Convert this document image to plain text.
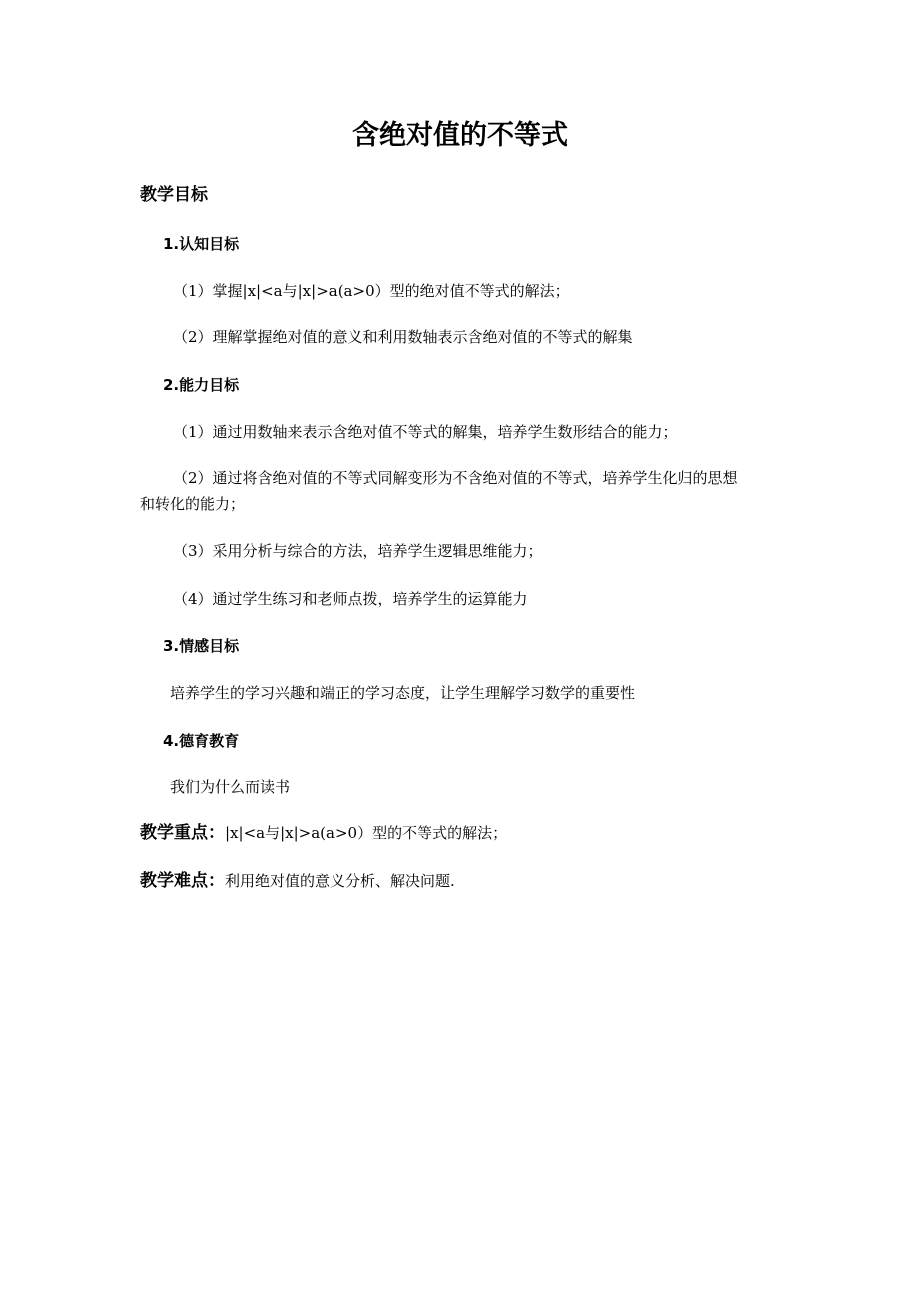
含绝对值的不等式
教学目标
1.认知目标
（1）掌握|x|<a与|x|>a(a>0）型的绝对值不等式的解法；
（2）理解掌握绝对值的意义和利用数轴表示含绝对值的不等式的解集
2.能力目标
（1）通过用数轴来表示含绝对值不等式的解集，培养学生数形结合的能力；
（2）通过将含绝对值的不等式同解变形为不含绝对值的不等式，培养学生化归的思想
和转化的能力；
（3）采用分析与综合的方法，培养学生逻辑思维能力；
（4）通过学生练习和老师点拨，培养学生的运算能力
3.情感目标
培养学生的学习兴趣和端正的学习态度，让学生理解学习数学的重要性
4.德育教育
我们为什么而读书
教学重点：|x|<a与|x|>a(a>0）型的不等式的解法；
教学难点：利用绝对值的意义分析、解决问题.
